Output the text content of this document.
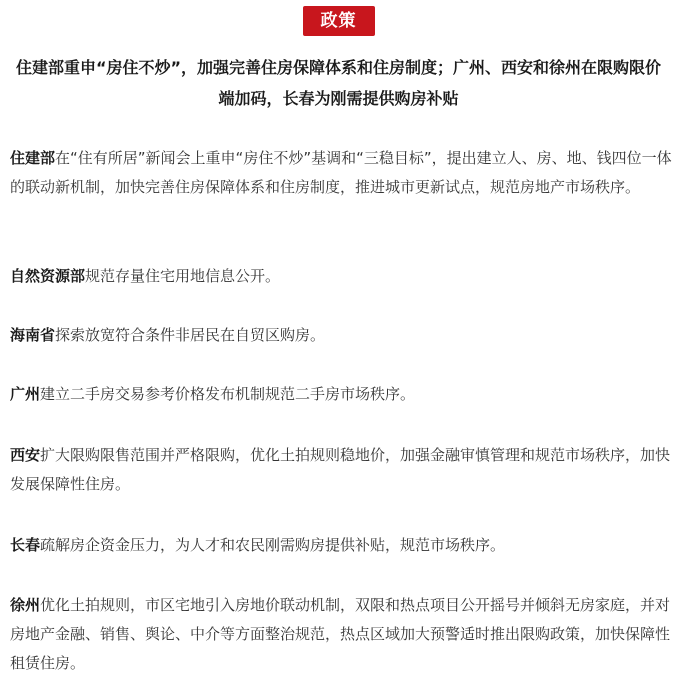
政策
住建部重申“房住不炒”，加强完善住房保障体系和住房制度；广州、西安和徐州在限购限价端加码，长春为刚需提供购房补贴

住建部在“住有所居”新闻会上重申“房住不炒”基调和“三稳目标”，提出建立人、房、地、钱四位一体的联动新机制，加快完善住房保障体系和住房制度，推进城市更新试点，规范房地产市场秩序。

自然资源部规范存量住宅用地信息公开。

海南省探索放宽符合条件非居民在自贸区购房。

广州建立二手房交易参考价格发布机制规范二手房市场秩序。

西安扩大限购限售范围并严格限购，优化土拍规则稳地价，加强金融审慎管理和规范市场秩序，加快发展保障性住房。

长春疏解房企资金压力，为人才和农民刚需购房提供补贴，规范市场秩序。

徐州优化土拍规则，市区宅地引入房地价联动机制，双限和热点项目公开摇号并倾斜无房家庭，并对房地产金融、销售、舆论、中介等方面整治规范，热点区域加大预警适时推出限购政策，加快保障性租赁住房。
